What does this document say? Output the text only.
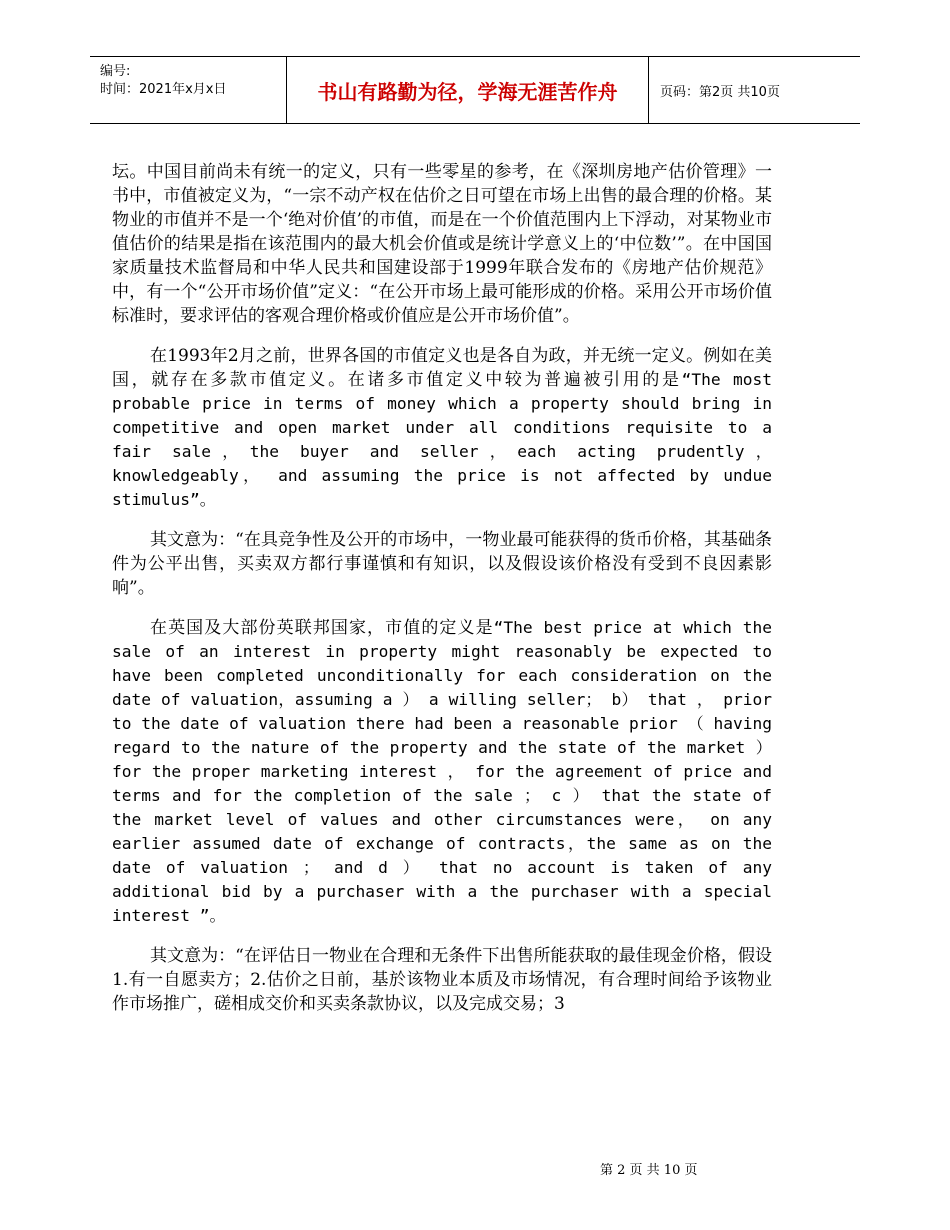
编号:
时间：2021年x月x日	书山有路勤为径，学海无涯苦作舟	页码：第2页 共10页

坛。中国目前尚未有统一的定义，只有一些零星的参考，在《深圳房地产估价管理》一书中，市值被定义为，“一宗不动产权在估价之日可望在市场上出售的最合理的价格。某物业的市值并不是一个‘绝对价值’的市值，而是在一个价值范围内上下浮动，对某物业市值估价的结果是指在该范围内的最大机会价值或是统计学意义上的‘中位数’”。在中国国家质量技术监督局和中华人民共和国建设部于1999年联合发布的《房地产估价规范》中，有一个“公开市场价值”定义：“在公开市场上最可能形成的价格。采用公开市场价值标准时，要求评估的客观合理价格或价值应是公开市场价值”。

在1993年2月之前，世界各国的市值定义也是各自为政，并无统一定义。例如在美国，就存在多款市值定义。在诸多市值定义中较为普遍被引用的是“The most probable price in terms of money which a property should bring in competitive and open market under all conditions requisite to a fair sale，the buyer and seller，each acting prudently，knowledgeably， and assuming the price is not affected by undue stimulus”。

其文意为：“在具竞争性及公开的市场中，一物业最可能获得的货币价格，其基础条件为公平出售，买卖双方都行事谨慎和有知识，以及假设该价格没有受到不良因素影响”。

在英国及大部份英联邦国家，市值的定义是“The best price at which the sale of an interest in property might reasonably be expected to have been completed unconditionally for each consideration on the date of valuation，assuming a ） a willing seller； b） that ， prior to the date of valuation there had been a reasonable prior （ having regard to the nature of the property and the state of the market ） for the proper marketing interest ， for the agreement of price and terms and for the completion of the sale ； c ） that the state of the market level of values and other circumstances were， on any earlier assumed date of exchange of contracts，the same as on the date of valuation ； and d ） that no account is taken of any additional bid by a purchaser with a the purchaser with a special interest ”。

其文意为：“在评估日一物业在合理和无条件下出售所能获取的最佳现金价格，假设1.有一自愿卖方；2.估价之日前，基於该物业本质及市场情况，有合理时间给予该物业作市场推广，磋相成交价和买卖条款协议，以及完成交易；3

第 2 页 共 10 页
